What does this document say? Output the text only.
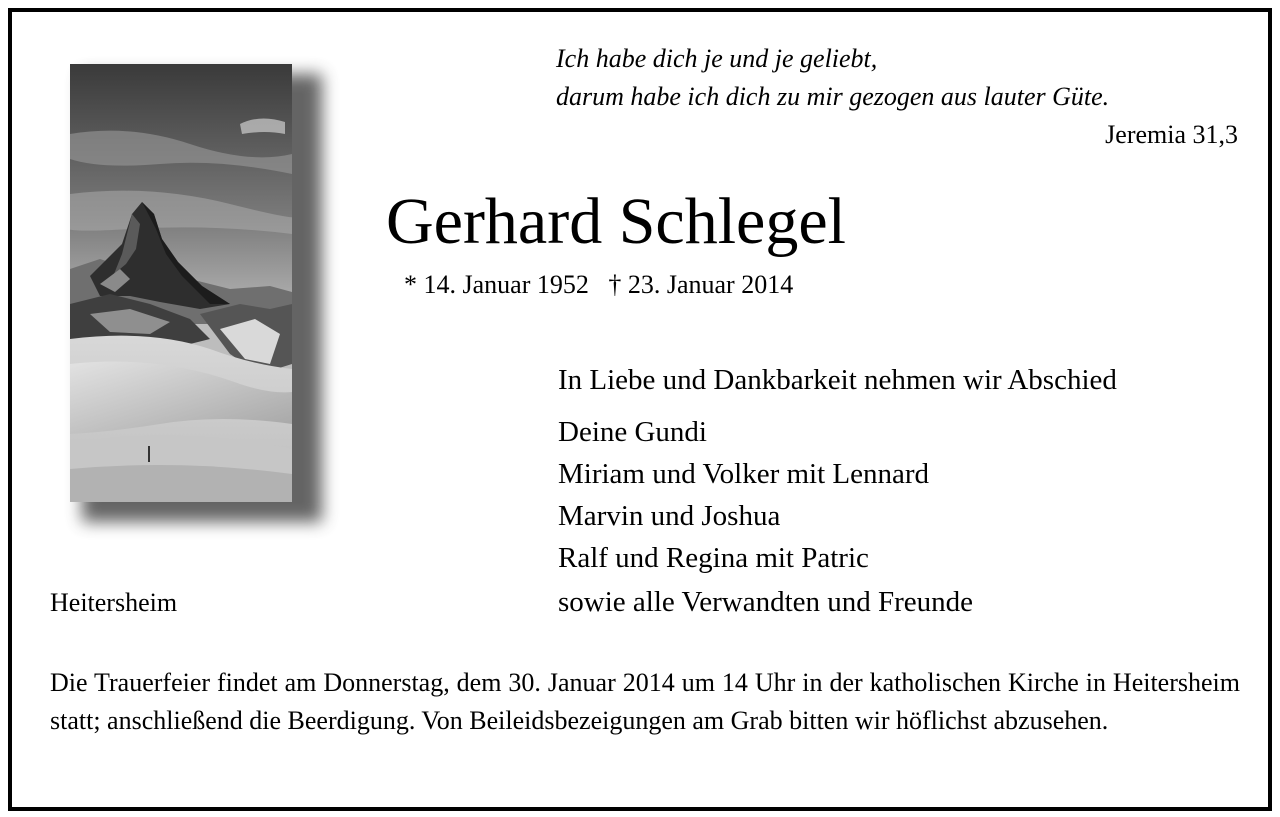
Ich habe dich je und je geliebt,
darum habe ich dich zu mir gezogen aus lauter Güte.
Jeremia 31,3
Gerhard Schlegel
* 14. Januar 1952   † 23. Januar 2014
In Liebe und Dankbarkeit nehmen wir Abschied
Deine Gundi
Miriam und Volker mit Lennard
Marvin und Joshua
Ralf und Regina mit Patric
sowie alle Verwandten und Freunde
Heitersheim
Die Trauerfeier findet am Donnerstag, dem 30. Januar 2014 um 14 Uhr in der katholischen Kirche in Heitersheim statt; anschließend die Beerdigung. Von Beileidsbezeigungen am Grab bitten wir höflichst abzusehen.
